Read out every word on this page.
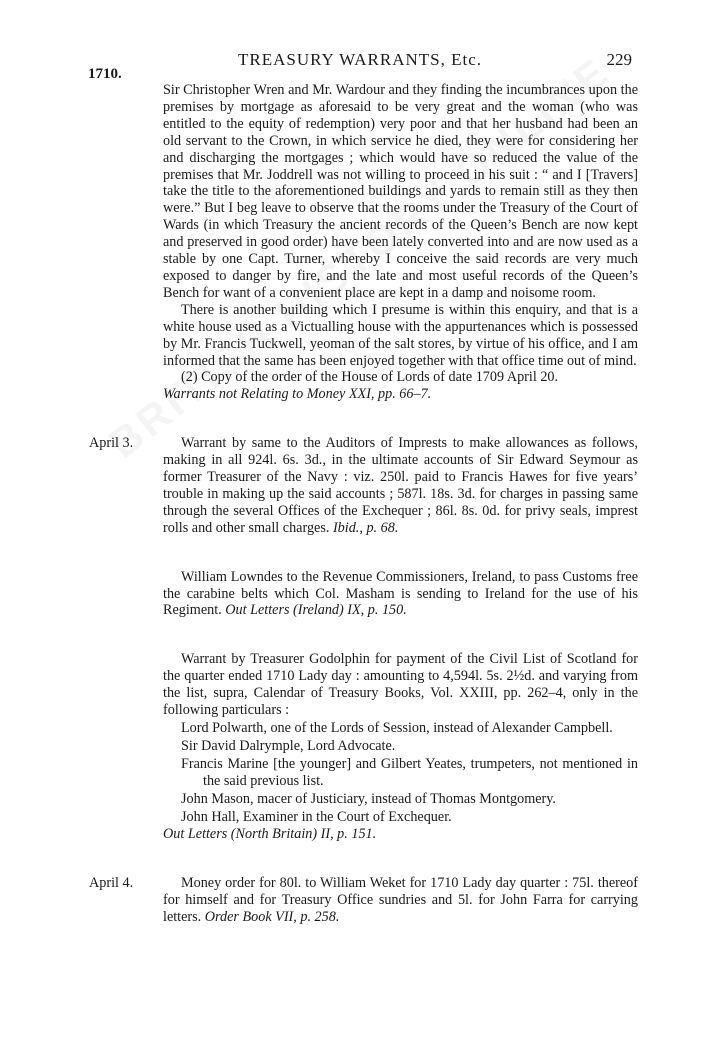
1710.
TREASURY WARRANTS, Etc.	229

Sir Christopher Wren and Mr. Wardour and they finding the incumbrances upon the premises by mortgage as aforesaid to be very great and the woman (who was entitled to the equity of redemption) very poor and that her husband had been an old servant to the Crown, in which service he died, they were for considering her and discharging the mortgages ; which would have so reduced the value of the premises that Mr. Joddrell was not willing to proceed in his suit : “ and I [Travers] take the title to the aforementioned buildings and yards to remain still as they then were.” But I beg leave to observe that the rooms under the Treasury of the Court of Wards (in which Treasury the ancient records of the Queen’s Bench are now kept and preserved in good order) have been lately converted into and are now used as a stable by one Capt. Turner, whereby I conceive the said records are very much exposed to danger by fire, and the late and most useful records of the Queen’s Bench for want of a convenient place are kept in a damp and noisome room.

There is another building which I presume is within this enquiry, and that is a white house used as a Victualling house with the appurtenances which is possessed by Mr. Francis Tuckwell, yeoman of the salt stores, by virtue of his office, and I am informed that the same has been enjoyed together with that office time out of mind.

(2) Copy of the order of the House of Lords of date 1709 April 20.

Warrants not Relating to Money XXI, pp. 66–7.

April 3.	Warrant by same to the Auditors of Imprests to make allowances as follows, making in all 924l. 6s. 3d., in the ultimate accounts of Sir Edward Seymour as former Treasurer of the Navy : viz. 250l. paid to Francis Hawes for five years’ trouble in making up the said accounts ; 587l. 18s. 3d. for charges in passing same through the several Offices of the Exchequer ; 86l. 8s. 0d. for privy seals, imprest rolls and other small charges. Ibid., p. 68.

William Lowndes to the Revenue Commissioners, Ireland, to pass Customs free the carabine belts which Col. Masham is sending to Ireland for the use of his Regiment. Out Letters (Ireland) IX, p. 150.

Warrant by Treasurer Godolphin for payment of the Civil List of Scotland for the quarter ended 1710 Lady day : amounting to 4,594l. 5s. 2½d. and varying from the list, supra, Calendar of Treasury Books, Vol. XXIII, pp. 262–4, only in the following particulars :

Lord Polwarth, one of the Lords of Session, instead of Alexander Campbell.

Sir David Dalrymple, Lord Advocate.

Francis Marine [the younger] and Gilbert Yeates, trumpeters, not mentioned in the said previous list.

John Mason, macer of Justiciary, instead of Thomas Montgomery.

John Hall, Examiner in the Court of Exchequer.

Out Letters (North Britain) II, p. 151.

April 4.	Money order for 80l. to William Weket for 1710 Lady day quarter : 75l. thereof for himself and for Treasury Office sundries and 5l. for John Farra for carrying letters. Order Book VII, p. 258.
